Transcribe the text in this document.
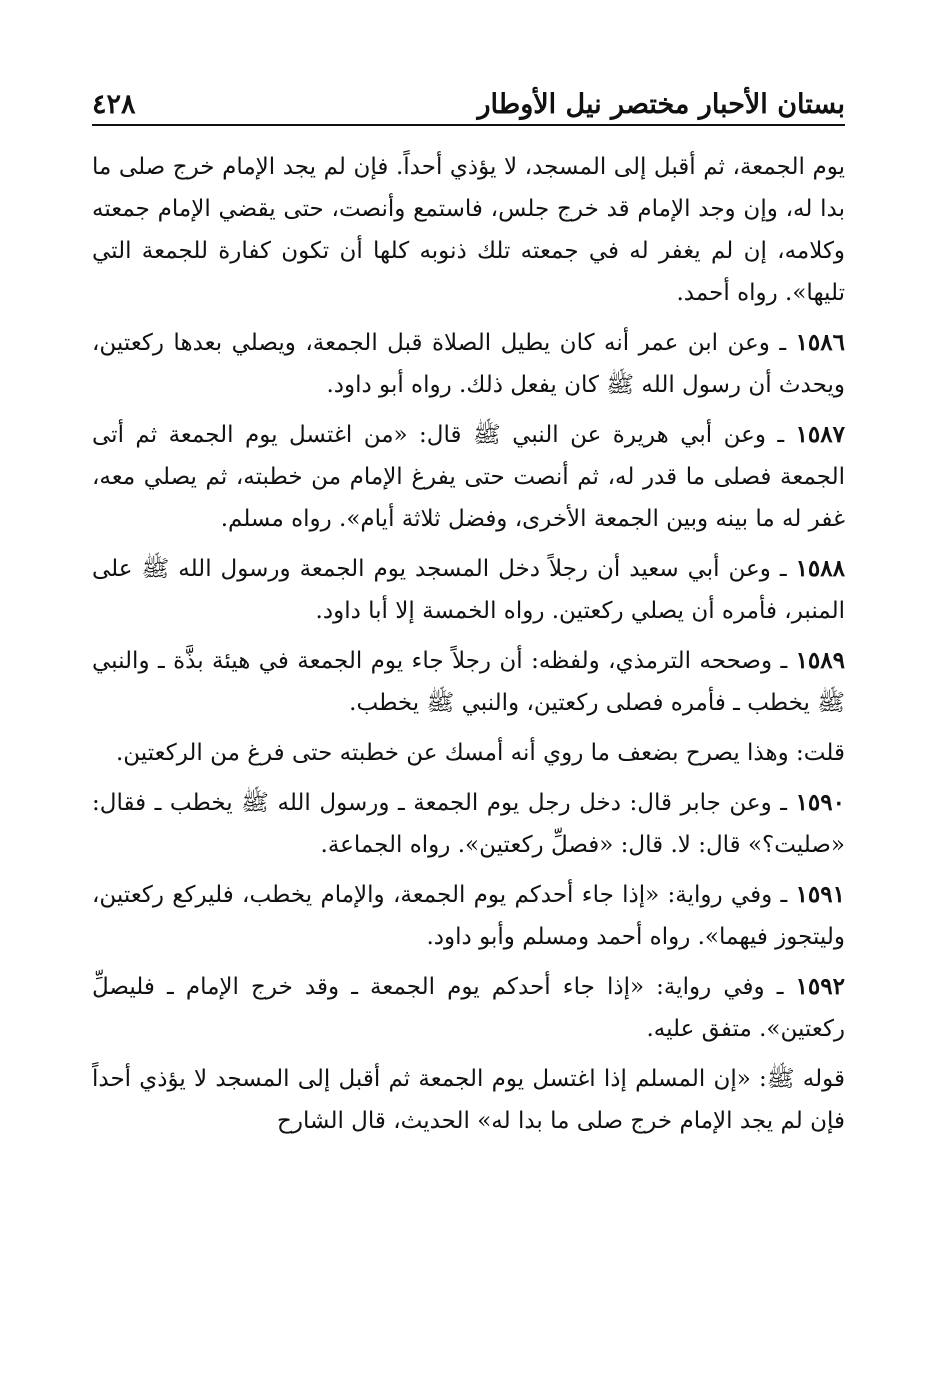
بستان الأحبار مختصر نيل الأوطار
٤٢٨

يوم الجمعة، ثم أقبل إلى المسجد، لا يؤذي أحداً. فإن لم يجد الإمام خرج صلى ما بدا له، وإن وجد الإمام قد خرج جلس، فاستمع وأنصت، حتى يقضي الإمام جمعته وكلامه، إن لم يغفر له في جمعته تلك ذنوبه كلها أن تكون كفارة للجمعة التي تليها». رواه أحمد.

١٥٨٦ ـ وعن ابن عمر أنه كان يطيل الصلاة قبل الجمعة، ويصلي بعدها ركعتين، ويحدث أن رسول الله ﷺ كان يفعل ذلك. رواه أبو داود.

١٥٨٧ ـ وعن أبي هريرة عن النبي ﷺ قال: «من اغتسل يوم الجمعة ثم أتى الجمعة فصلى ما قدر له، ثم أنصت حتى يفرغ الإمام من خطبته، ثم يصلي معه، غفر له ما بينه وبين الجمعة الأخرى، وفضل ثلاثة أيام». رواه مسلم.

١٥٨٨ ـ وعن أبي سعيد أن رجلاً دخل المسجد يوم الجمعة ورسول الله ﷺ على المنبر، فأمره أن يصلي ركعتين. رواه الخمسة إلا أبا داود.

١٥٨٩ ـ وصححه الترمذي، ولفظه: أن رجلاً جاء يوم الجمعة في هيئة بذَّة ـ والنبي ﷺ يخطب ـ فأمره فصلى ركعتين، والنبي ﷺ يخطب.

قلت: وهذا يصرح بضعف ما روي أنه أمسك عن خطبته حتى فرغ من الركعتين.

١٥٩٠ ـ وعن جابر قال: دخل رجل يوم الجمعة ـ ورسول الله ﷺ يخطب ـ فقال: «صليت؟» قال: لا. قال: «فصلِّ ركعتين». رواه الجماعة.

١٥٩١ ـ وفي رواية: «إذا جاء أحدكم يوم الجمعة، والإمام يخطب، فليركع ركعتين، وليتجوز فيهما». رواه أحمد ومسلم وأبو داود.

١٥٩٢ ـ وفي رواية: «إذا جاء أحدكم يوم الجمعة ـ وقد خرج الإمام ـ فليصلِّ ركعتين». متفق عليه.

قوله ﷺ: «إن المسلم إذا اغتسل يوم الجمعة ثم أقبل إلى المسجد لا يؤذي أحداً فإن لم يجد الإمام خرج صلى ما بدا له» الحديث، قال الشارح
